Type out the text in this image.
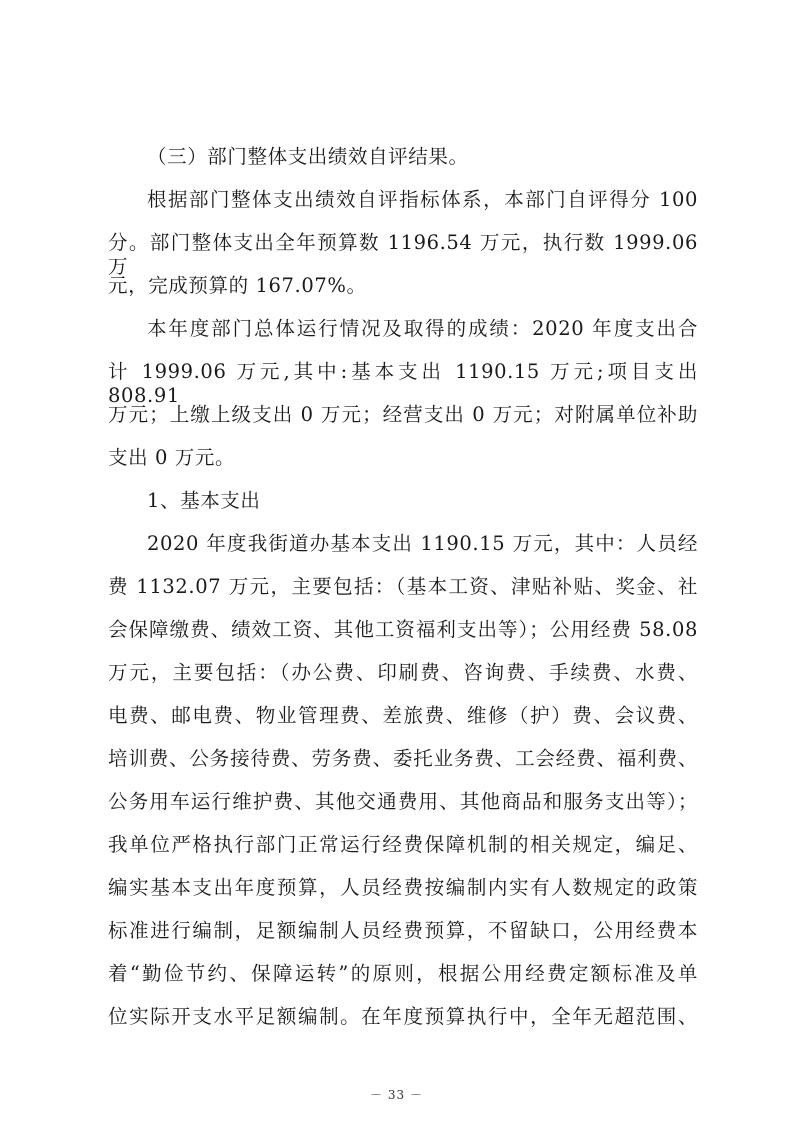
（三）部门整体支出绩效自评结果。
根据部门整体支出绩效自评指标体系，本部门自评得分 100
分。部门整体支出全年预算数 1196.54 万元，执行数 1999.06 万
元，完成预算的 167.07%。
本年度部门总体运行情况及取得的成绩：2020 年度支出合
计 1999.06 万元,其中:基本支出 1190.15 万元;项目支出 808.91
万元；上缴上级支出 0 万元；经营支出 0 万元；对附属单位补助
支出 0 万元。
1、基本支出
2020 年度我街道办基本支出 1190.15 万元，其中：人员经
费 1132.07 万元，主要包括：（基本工资、津贴补贴、奖金、社
会保障缴费、绩效工资、其他工资福利支出等）；公用经费 58.08
万元，主要包括：（办公费、印刷费、咨询费、手续费、水费、
电费、邮电费、物业管理费、差旅费、维修（护）费、会议费、
培训费、公务接待费、劳务费、委托业务费、工会经费、福利费、
公务用车运行维护费、其他交通费用、其他商品和服务支出等）；
我单位严格执行部门正常运行经费保障机制的相关规定，编足、
编实基本支出年度预算，人员经费按编制内实有人数规定的政策
标准进行编制，足额编制人员经费预算，不留缺口，公用经费本
着“勤俭节约、保障运转”的原则，根据公用经费定额标准及单
位实际开支水平足额编制。在年度预算执行中，全年无超范围、
－ 33 －
